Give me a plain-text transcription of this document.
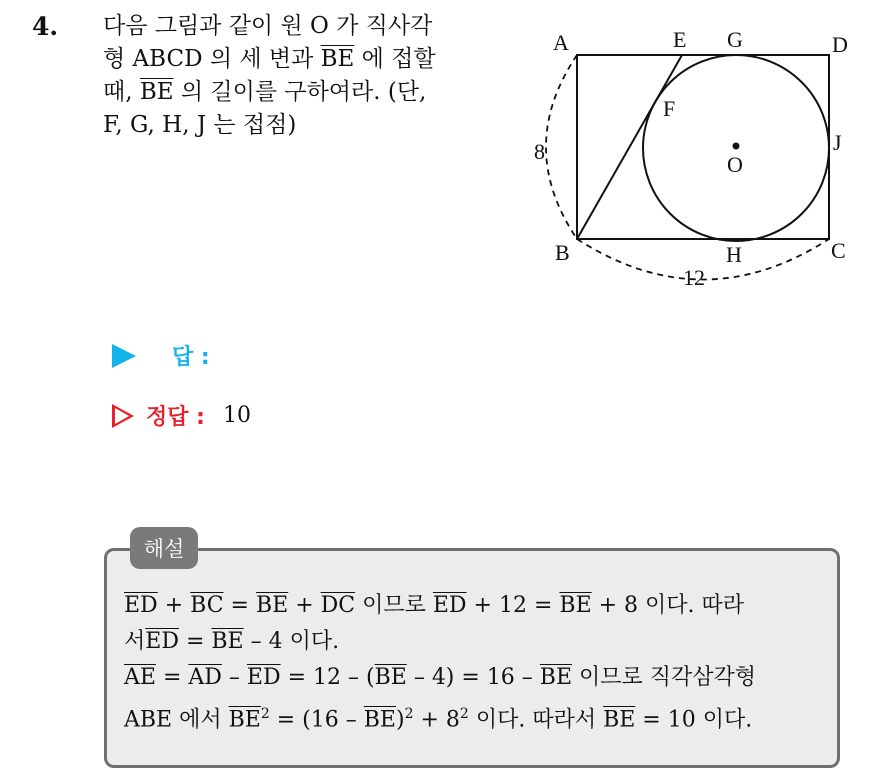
4. 다음 그림과 같이 원 O 가 직사각
형 ABCD 의 세 변과 $\overline{BE}$ 에 접할
때, $\overline{BE}$ 의 길이를 구하여라. (단,
F, G, H, J 는 접점)
A	E G	D
F
J
O
B	H	C
8
12
답 :
정답 : 10
해설
$\overline{ED} + \overline{BC} = \overline{BE} + \overline{DC}$ 이므로 $\overline{ED} + 12 = \overline{BE} + 8$ 이다. 따라
서$\overline{ED} = \overline{BE} - 4$ 이다.
$\overline{AE} = \overline{AD} - \overline{ED} = 12 - (\overline{BE} - 4) = 16 - \overline{BE}$ 이므로 직각삼각형
ABE 에서 $\overline{BE}^2 = (16 - \overline{BE})^2 + 8^2$ 이다. 따라서 $\overline{BE} = 10$ 이다.
